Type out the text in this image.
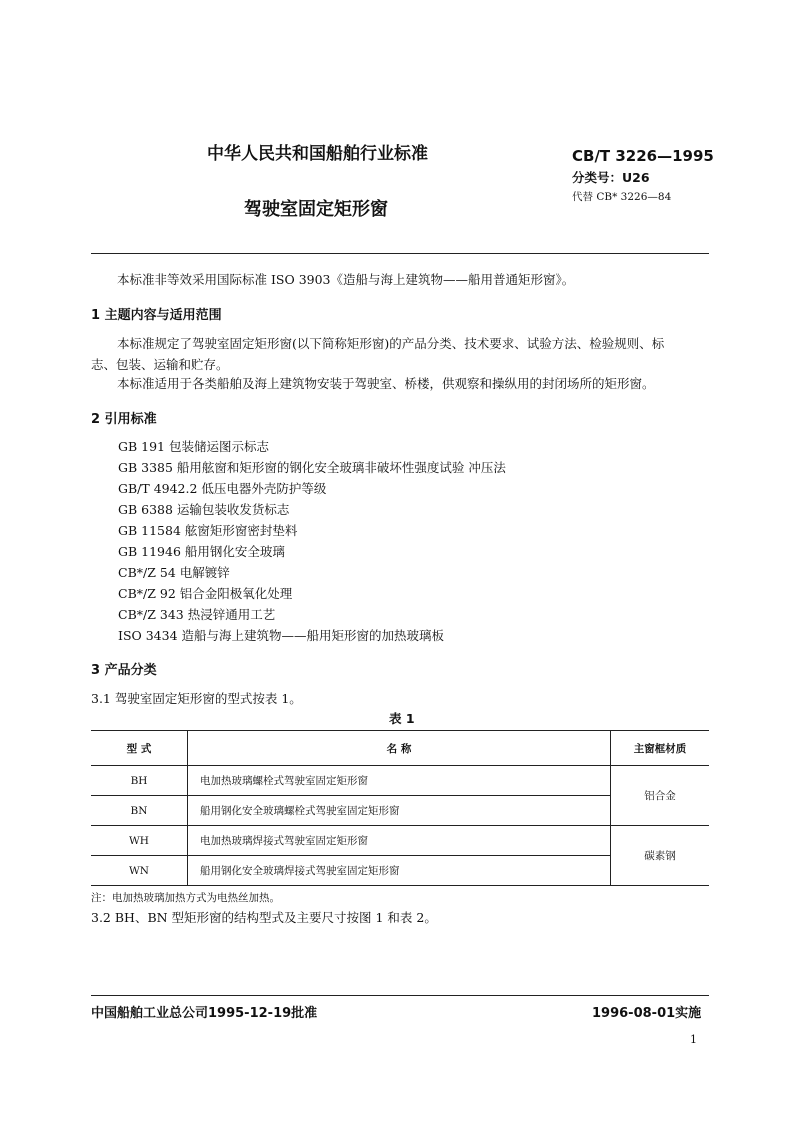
中华人民共和国船舶行业标准
驾驶室固定矩形窗
CB/T 3226—1995
分类号：U26
代替 CB* 3226—84
本标准非等效采用国际标准 ISO 3903《造船与海上建筑物——船用普通矩形窗》。
1 主题内容与适用范围
本标准规定了驾驶室固定矩形窗(以下简称矩形窗)的产品分类、技术要求、试验方法、检验规则、标
志、包装、运输和贮存。
本标准适用于各类船舶及海上建筑物安装于驾驶室、桥楼，供观察和操纵用的封闭场所的矩形窗。
2 引用标准
GB 191 包装储运图示标志
GB 3385 船用舷窗和矩形窗的钢化安全玻璃非破坏性强度试验 冲压法
GB/T 4942.2 低压电器外壳防护等级
GB 6388 运输包装收发货标志
GB 11584 舷窗矩形窗密封垫料
GB 11946 船用钢化安全玻璃
CB*/Z 54 电解镀锌
CB*/Z 92 铝合金阳极氧化处理
CB*/Z 343 热浸锌通用工艺
ISO 3434 造船与海上建筑物——船用矩形窗的加热玻璃板
3 产品分类
3.1 驾驶室固定矩形窗的型式按表 1。
表 1
型 式	名 称	主窗框材质
BH	电加热玻璃螺栓式驾驶室固定矩形窗	铝合金
BN	船用钢化安全玻璃螺栓式驾驶室固定矩形窗	
WH	电加热玻璃焊接式驾驶室固定矩形窗	碳素钢
WN	船用钢化安全玻璃焊接式驾驶室固定矩形窗	
注：电加热玻璃加热方式为电热丝加热。
3.2 BH、BN 型矩形窗的结构型式及主要尺寸按图 1 和表 2。
中国船舶工业总公司1995-12-19批准	1996-08-01实施
1
